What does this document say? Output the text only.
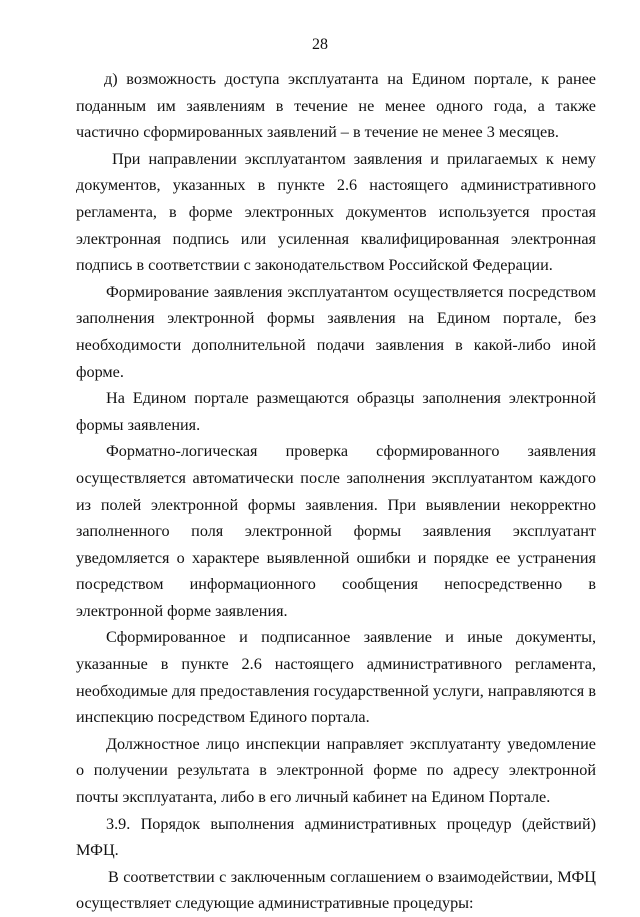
28

д) возможность доступа эксплуатанта на Едином портале, к ранее поданным им заявлениям в течение не менее одного года, а также частично сформированных заявлений – в течение не менее 3 месяцев.

При направлении эксплуатантом заявления и прилагаемых к нему документов, указанных в пункте 2.6 настоящего административного регламента, в форме электронных документов используется простая электронная подпись или усиленная квалифицированная электронная подпись в соответствии с законодательством Российской Федерации.

Формирование заявления эксплуатантом осуществляется посредством заполнения электронной формы заявления на Едином портале, без необходимости дополнительной подачи заявления в какой-либо иной форме.

На Едином портале размещаются образцы заполнения электронной формы заявления.

Форматно-логическая проверка сформированного заявления осуществляется автоматически после заполнения эксплуатантом каждого из полей электронной формы заявления. При выявлении некорректно заполненного поля электронной формы заявления эксплуатант уведомляется о характере выявленной ошибки и порядке ее устранения посредством информационного сообщения непосредственно в электронной форме заявления.

Сформированное и подписанное заявление и иные документы, указанные в пункте 2.6 настоящего административного регламента, необходимые для предоставления государственной услуги, направляются в инспекцию посредством Единого портала.

Должностное лицо инспекции направляет эксплуатанту уведомление о получении результата в электронной форме по адресу электронной почты эксплуатанта, либо в его личный кабинет на Едином Портале.

3.9. Порядок выполнения административных процедур (действий) МФЦ.

В соответствии с заключенным соглашением о взаимодействии, МФЦ осуществляет следующие административные процедуры:
